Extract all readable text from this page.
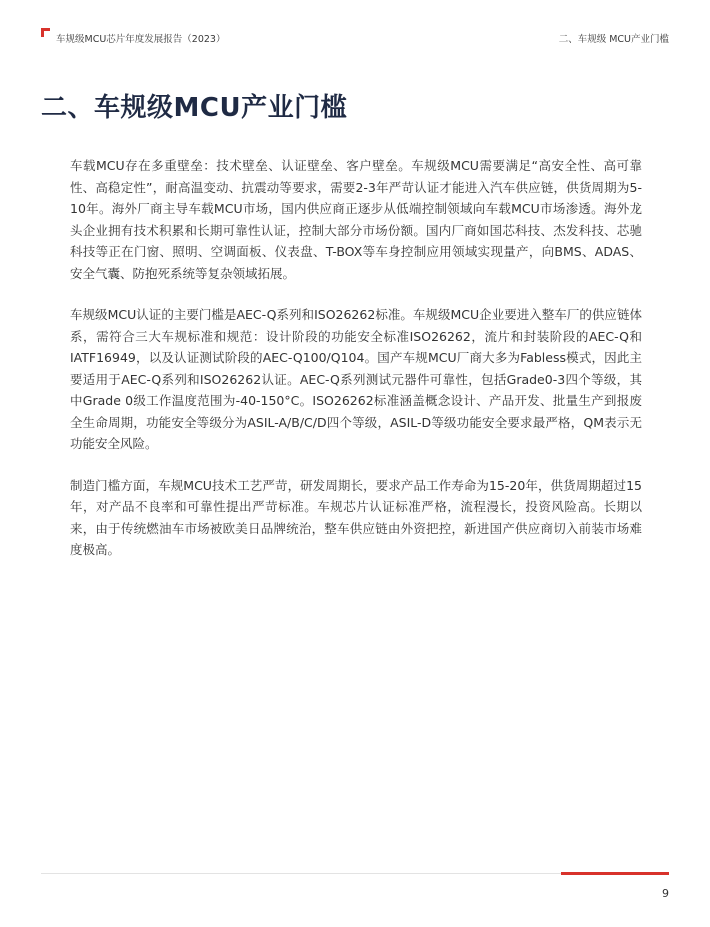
车规级MCU芯片年度发展报告（2023）	二、车规级 MCU产业门槛
二、车规级MCU产业门槛

车载MCU存在多重壁垒：技术壁垒、认证壁垒、客户壁垒。车规级MCU需要满足“高安全性、高可靠性、高稳定性”，耐高温变动、抗震动等要求，需要2-3年严苛认证才能进入汽车供应链，供货周期为5-10年。海外厂商主导车载MCU市场，国内供应商正逐步从低端控制领域向车载MCU市场渗透。海外龙头企业拥有技术积累和长期可靠性认证，控制大部分市场份额。国内厂商如国芯科技、杰发科技、芯驰科技等正在门窗、照明、空调面板、仪表盘、T-BOX等车身控制应用领域实现量产，向BMS、ADAS、安全气囊、防抱死系统等复杂领域拓展。

车规级MCU认证的主要门槛是AEC-Q系列和ISO26262标准。车规级MCU企业要进入整车厂的供应链体系，需符合三大车规标准和规范：设计阶段的功能安全标准ISO26262，流片和封装阶段的AEC-Q和IATF16949，以及认证测试阶段的AEC-Q100/Q104。国产车规MCU厂商大多为Fabless模式，因此主要适用于AEC-Q系列和ISO26262认证。AEC-Q系列测试元器件可靠性，包括Grade0-3四个等级，其中Grade 0级工作温度范围为-40-150°C。ISO26262标准涵盖概念设计、产品开发、批量生产到报废全生命周期，功能安全等级分为ASIL-A/B/C/D四个等级，ASIL-D等级功能安全要求最严格，QM表示无功能安全风险。

制造门槛方面，车规MCU技术工艺严苛，研发周期长，要求产品工作寿命为15-20年，供货周期超过15年，对产品不良率和可靠性提出严苛标准。车规芯片认证标准严格，流程漫长，投资风险高。长期以来，由于传统燃油车市场被欧美日品牌统治，整车供应链由外资把控，新进国产供应商切入前装市场难度极高。

9
